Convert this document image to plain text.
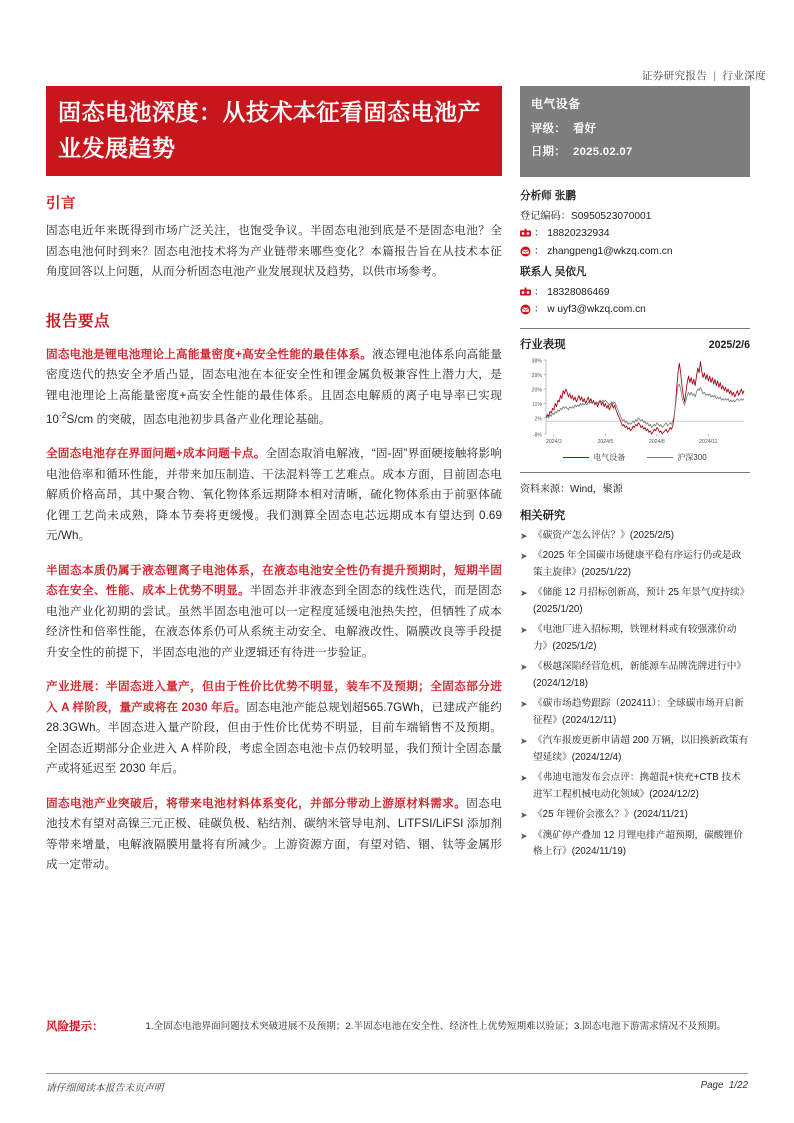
证券研究报告 | 行业深度
固态电池深度：从技术本征看固态电池产业发展趋势
引言
固态电近年来既得到市场广泛关注，也饱受争议。半固态电池到底是不是固态电池？全固态电池何时到来？固态电池技术将为产业链带来哪些变化？本篇报告旨在从技术本征角度回答以上问题，从而分析固态电池产业发展现状及趋势，以供市场参考。
报告要点
固态电池是锂电池理论上高能量密度+高安全性能的最佳体系。液态锂电池体系向高能量密度迭代的热安全矛盾凸显，固态电池在本征安全性和锂金属负极兼容性上潜力大，是锂电池理论上高能量密度+高安全性能的最佳体系。且固态电解质的离子电导率已实现 $10^{-2}S/cm$ 的突破，固态电池初步具备产业化理论基础。
全固态电池存在界面问题+成本问题卡点。全固态取消电解液，“固-固”界面硬接触将影响电池倍率和循环性能，并带来加压制造、干法混料等工艺难点。成本方面，目前固态电解质价格高昂，其中聚合物、氧化物体系远期降本相对清晰，硫化物体系由于前驱体硫化锂工艺尚未成熟，降本节奏将更缓慢。我们测算全固态电芯远期成本有望达到 0.69 元/Wh。
半固态本质仍属于液态锂离子电池体系，在液态电池安全性仍有提升预期时，短期半固态在安全、性能、成本上优势不明显。半固态并非液态到全固态的线性迭代，而是固态电池产业化初期的尝试。虽然半固态电池可以一定程度延缓电池热失控，但牺牲了成本经济性和倍率性能，在液态体系仍可从系统主动安全、电解液改性、隔膜改良等手段提升安全性的前提下，半固态电池的产业逻辑还有待进一步验证。
产业进展：半固态进入量产，但由于性价比优势不明显，装车不及预期；全固态部分进入 A 样阶段，量产或将在 2030 年后。固态电池产能总规划超565.7GWh，已建成产能约 28.3GWh。半固态进入量产阶段，但由于性价比优势不明显，目前车端销售不及预期。全固态近期部分企业进入 A 样阶段，考虑全固态电池卡点仍较明显，我们预计全固态量产或将延迟至 2030 年后。
固态电池产业突破后，将带来电池材料体系变化，并部分带动上游原材料需求。固态电池技术有望对高镍三元正极、硅碳负极、粘结剂、碳纳米管导电剂、LiTFSI/LiFSI 添加剂等带来增量，电解液隔膜用量将有所减少。上游资源方面，有望对锆、锢、钛等金属形成一定带动。
风险提示：	1.全固态电池界面问题技术突破进展不及预期；2.半固态电池在安全性、经济性上优势短期难以验证；3.固态电池下游需求情况不及预期。
请仔细阅读本报告末页声明	Page 1/22
电气设备
评级： 看好
日期： 2025.02.07
分析师 张鹏
登记编码：S0950523070001
： 18820232934
： zhangpeng1@wkzq.com.cn
联系人 吴依凡
： 18328086469
： w uyf3@wkzq.com.cn
行业表现	2025/2/6
38%
29%
20%
11%
2%
-8%
2024/2	2024/5	2024/8	2024/11
电气设备	沪深300
资料来源：Wind，聚源
相关研究
➤ 《碳资产怎么评估？》(2025/2/5)
➤ 《2025 年全国碳市场健康平稳有序运行仍或是政策主旋律》(2025/1/22)
➤ 《储能 12 月招标创新高，预计 25 年景气度持续》(2025/1/20)
➤ 《电池厂进入招标期，铁锂材料或有较强涨价动力》(2025/1/2)
➤ 《极越深陷经营危机，新能源车品牌洗牌进行中》(2024/12/18)
➤ 《碳市场趋势跟踪（202411）：全球碳市场开启新征程》(2024/12/11)
➤ 《汽车报废更新申请超 200 万辆，以旧换新政策有望延续》(2024/12/4)
➤ 《弗迪电池发布会点评：携超混+快充+CTB 技术进军工程机械电动化领域》(2024/12/2)
➤ 《25 年锂价会涨么？》(2024/11/21)
➤ 《澳矿停产叠加 12 月锂电排产超预期，碳酸锂价格上行》(2024/11/19)
